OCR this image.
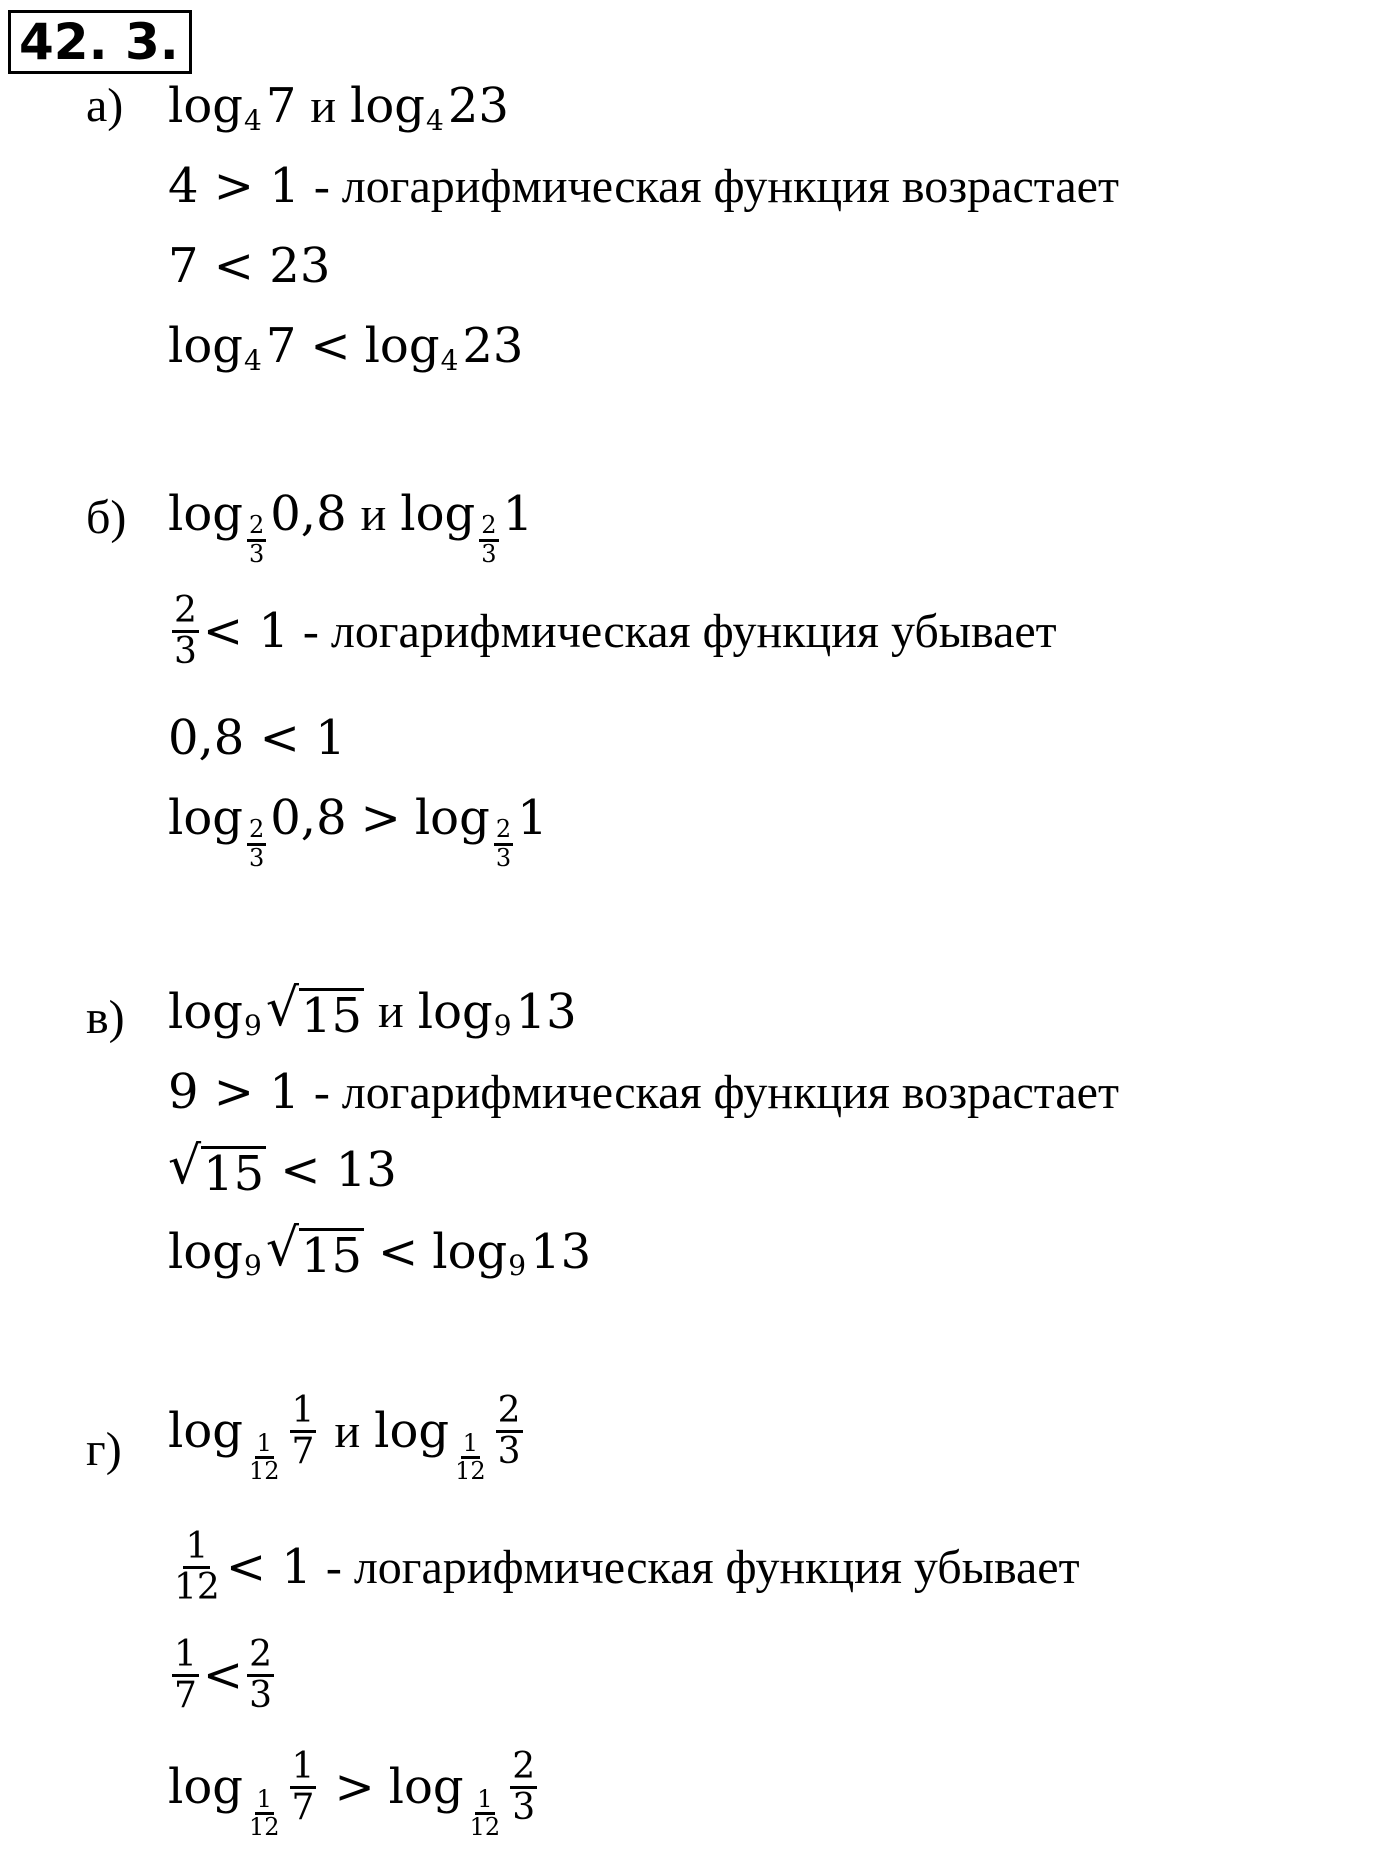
42. 3.
а) log 4 7 и log 4 23
4 > 1 - логарифмическая функция возрастает
7 < 23
log 4 7 < log 4 23
б) $\log \frac{2}{3} 0,8$ и $\log \frac{2}{3} 1$
$\frac{2}{3} < 1$ - логарифмическая функция убывает
0,8 < 1
$\log \frac{2}{3} 0,8 > \log \frac{2}{3} 1$
в) log 9 √ 15 и log 9 13
9 > 1 - логарифмическая функция возрастает
√ 15 < 13
log 9 √ 15 < log 9 13
г) $\log \frac{1}{12} \frac{1}{7}$ и $\log \frac{1}{12} \frac{2}{3}$
$\frac{1}{12} < 1$ - логарифмическая функция убывает
$\frac{1}{7} < \frac{2}{3}$
$\log \frac{1}{12} \frac{1}{7} > \log \frac{1}{12} \frac{2}{3}$
